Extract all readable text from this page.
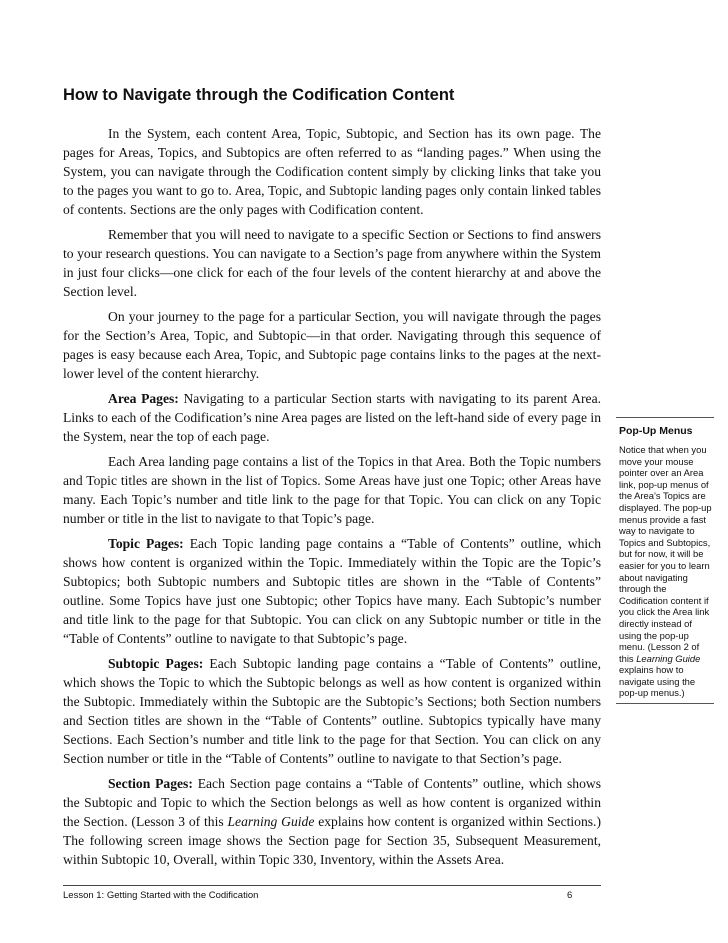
How to Navigate through the Codification Content

In the System, each content Area, Topic, Subtopic, and Section has its own page. The pages for Areas, Topics, and Subtopics are often referred to as “landing pages.” When using the System, you can navigate through the Codification content simply by clicking links that take you to the pages you want to go to. Area, Topic, and Subtopic landing pages only contain linked tables of contents. Sections are the only pages with Codification content.

Remember that you will need to navigate to a specific Section or Sections to find answers to your research questions. You can navigate to a Section’s page from anywhere within the System in just four clicks—one click for each of the four levels of the content hierarchy at and above the Section level.

On your journey to the page for a particular Section, you will navigate through the pages for the Section’s Area, Topic, and Subtopic—in that order. Navigating through this sequence of pages is easy because each Area, Topic, and Subtopic page contains links to the pages at the next-lower level of the content hierarchy.

Area Pages: Navigating to a particular Section starts with navigating to its parent Area. Links to each of the Codification’s nine Area pages are listed on the left-hand side of every page in the System, near the top of each page.

Each Area landing page contains a list of the Topics in that Area. Both the Topic numbers and Topic titles are shown in the list of Topics. Some Areas have just one Topic; other Areas have many. Each Topic’s number and title link to the page for that Topic. You can click on any Topic number or title in the list to navigate to that Topic’s page.

Topic Pages: Each Topic landing page contains a “Table of Contents” outline, which shows how content is organized within the Topic. Immediately within the Topic are the Topic’s Subtopics; both Subtopic numbers and Subtopic titles are shown in the “Table of Contents” outline. Some Topics have just one Subtopic; other Topics have many. Each Subtopic’s number and title link to the page for that Subtopic. You can click on any Subtopic number or title in the “Table of Contents” outline to navigate to that Subtopic’s page.

Subtopic Pages: Each Subtopic landing page contains a “Table of Contents” outline, which shows the Topic to which the Subtopic belongs as well as how content is organized within the Subtopic. Immediately within the Subtopic are the Subtopic’s Sections; both Section numbers and Section titles are shown in the “Table of Contents” outline. Subtopics typically have many Sections. Each Section’s number and title link to the page for that Section. You can click on any Section number or title in the “Table of Contents” outline to navigate to that Section’s page.

Section Pages: Each Section page contains a “Table of Contents” outline, which shows the Subtopic and Topic to which the Section belongs as well as how content is organized within the Section. (Lesson 3 of this Learning Guide explains how content is organized within Sections.) The following screen image shows the Section page for Section 35, Subsequent Measurement, within Subtopic 10, Overall, within Topic 330, Inventory, within the Assets Area.

Pop-Up Menus
Notice that when you move your mouse pointer over an Area link, pop-up menus of the Area’s Topics are displayed. The pop-up menus provide a fast way to navigate to Topics and Subtopics, but for now, it will be easier for you to learn about navigating through the Codification content if you click the Area link directly instead of using the pop-up menu. (Lesson 2 of this Learning Guide explains how to navigate using the pop-up menus.)
Lesson 1: Getting Started with the Codification	6
